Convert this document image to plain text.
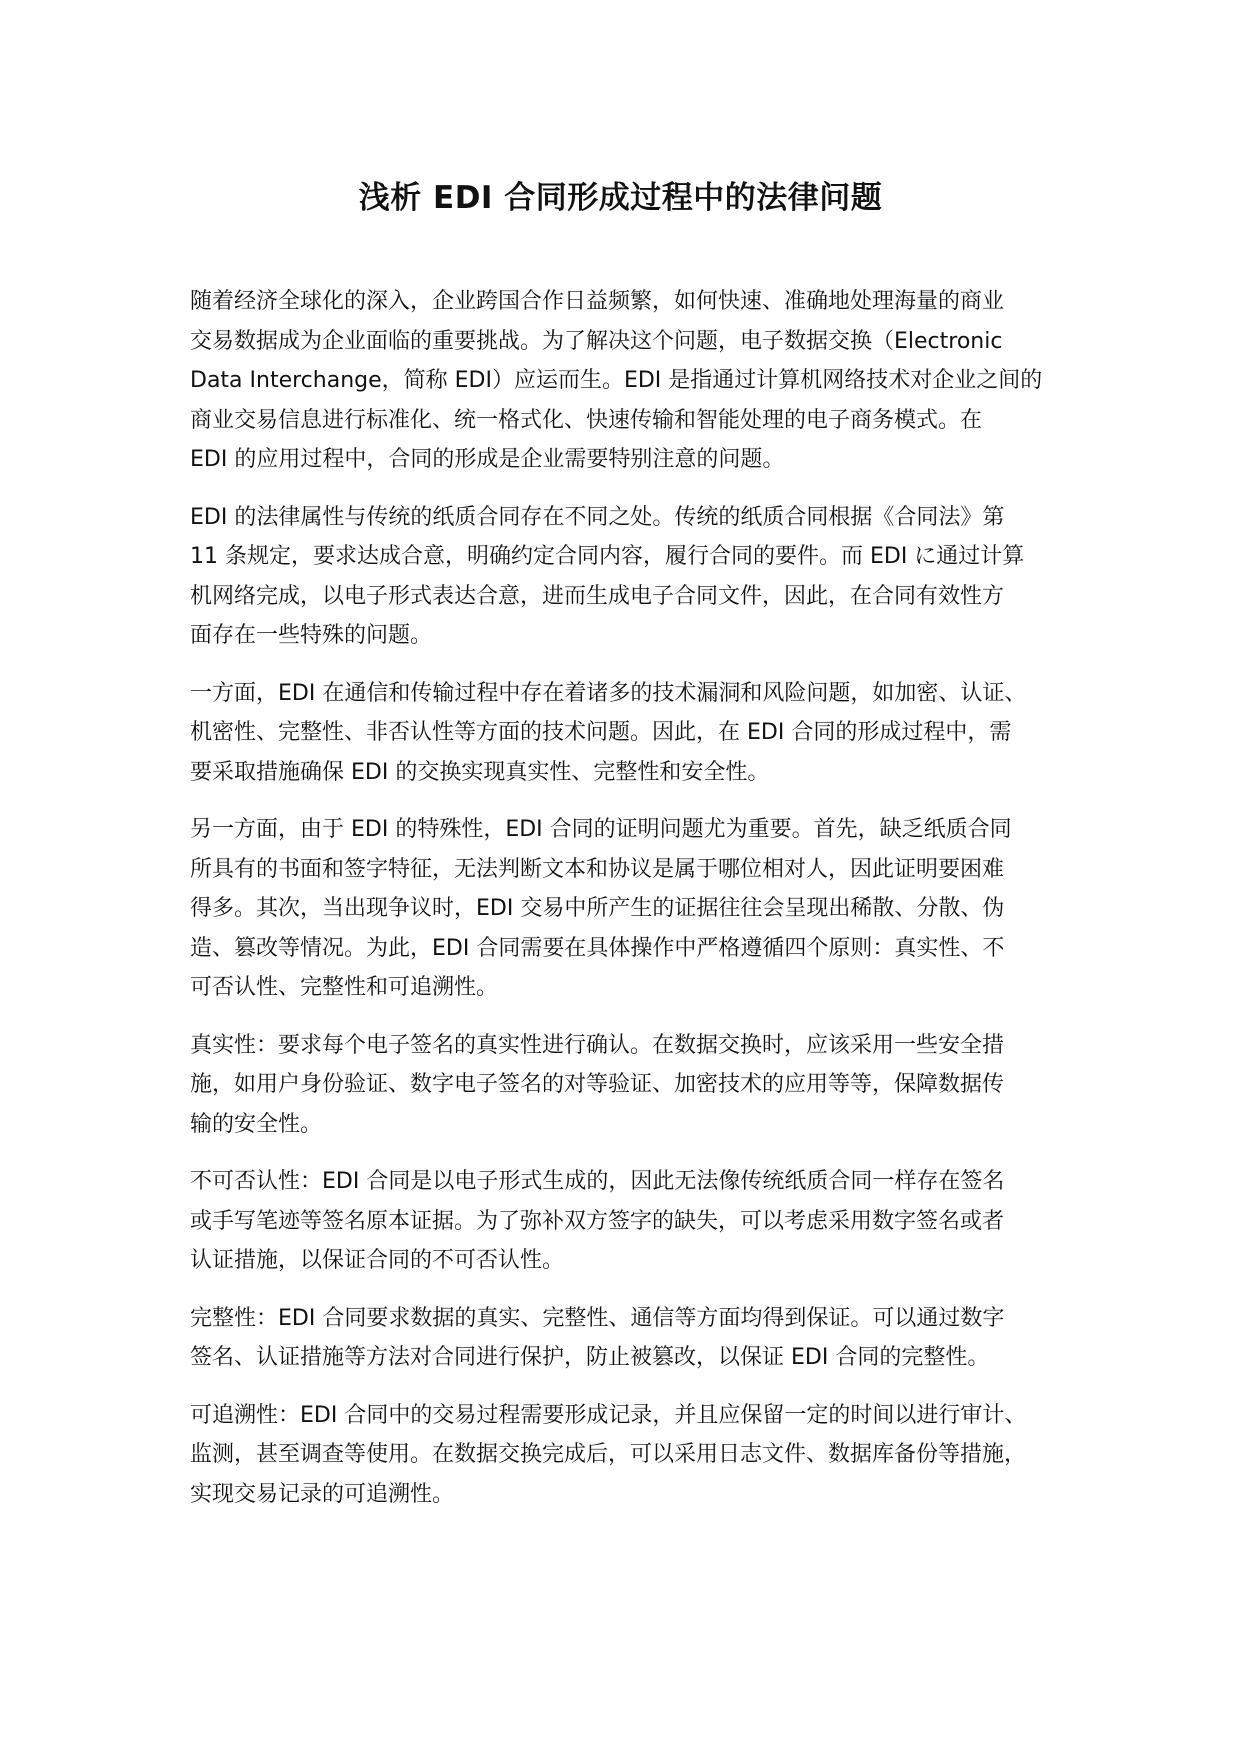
浅析 EDI 合同形成过程中的法律问题

随着经济全球化的深入，企业跨国合作日益频繁，如何快速、准确地处理海量的商业
交易数据成为企业面临的重要挑战。为了解决这个问题，电子数据交换（Electronic
Data Interchange，简称 EDI）应运而生。EDI 是指通过计算机网络技术对企业之间的
商业交易信息进行标准化、统一格式化、快速传输和智能处理的电子商务模式。在
EDI 的应用过程中，合同的形成是企业需要特别注意的问题。

EDI 的法律属性与传统的纸质合同存在不同之处。传统的纸质合同根据《合同法》第
11 条规定，要求达成合意，明确约定合同内容，履行合同的要件。而 EDI に通过计算
机网络完成，以电子形式表达合意，进而生成电子合同文件，因此，在合同有效性方
面存在一些特殊的问题。

一方面，EDI 在通信和传输过程中存在着诸多的技术漏洞和风险问题，如加密、认证、
机密性、完整性、非否认性等方面的技术问题。因此，在 EDI 合同的形成过程中，需
要采取措施确保 EDI 的交换实现真实性、完整性和安全性。

另一方面，由于 EDI 的特殊性，EDI 合同的证明问题尤为重要。首先，缺乏纸质合同
所具有的书面和签字特征，无法判断文本和协议是属于哪位相对人，因此证明要困难
得多。其次，当出现争议时，EDI 交易中所产生的证据往往会呈现出稀散、分散、伪
造、篡改等情况。为此，EDI 合同需要在具体操作中严格遵循四个原则：真实性、不
可否认性、完整性和可追溯性。

真实性：要求每个电子签名的真实性进行确认。在数据交换时，应该采用一些安全措
施，如用户身份验证、数字电子签名的对等验证、加密技术的应用等等，保障数据传
输的安全性。

不可否认性：EDI 合同是以电子形式生成的，因此无法像传统纸质合同一样存在签名
或手写笔迹等签名原本证据。为了弥补双方签字的缺失，可以考虑采用数字签名或者
认证措施，以保证合同的不可否认性。

完整性：EDI 合同要求数据的真实、完整性、通信等方面均得到保证。可以通过数字
签名、认证措施等方法对合同进行保护，防止被篡改，以保证 EDI 合同的完整性。

可追溯性：EDI 合同中的交易过程需要形成记录，并且应保留一定的时间以进行审计、
监测，甚至调查等使用。在数据交换完成后，可以采用日志文件、数据库备份等措施，
实现交易记录的可追溯性。
